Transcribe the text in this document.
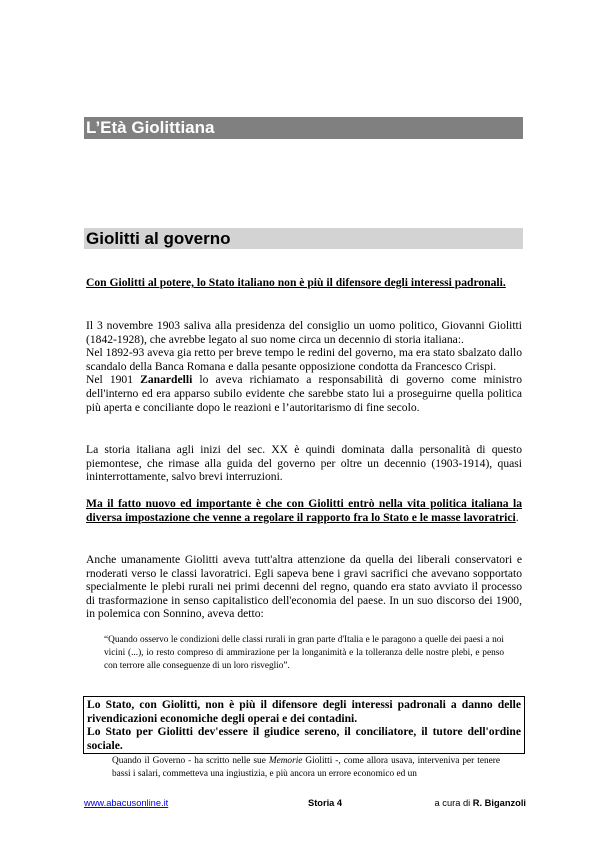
L’Età Giolittiana
Giolitti al governo

Con Giolitti al potere, lo Stato italiano non è più il difensore degli interessi padronali.

Il 3 novembre 1903 saliva alla presidenza del consiglio un uomo politico, Giovanni Giolitti (1842-1928), che avrebbe legato al suo nome circa un decennio di storia italiana:.
Nel 1892-93 aveva gia retto per breve tempo le redini del governo, ma era stato sbalzato dallo scandalo della Banca Romana e dalla pesante opposizione condotta da Francesco Crispi.
Nel 1901 Zanardelli lo aveva richiamato a responsabilità di governo come ministro dell'interno ed era apparso subilo evidente che sarebbe stato lui a proseguirne quella politica più aperta e conciliante dopo le reazioni e l’autoritarismo di fine secolo.

La storia italiana agli inizi del sec. XX è quindi dominata dalla personalità di questo piemontese, che rimase alla guida del governo per oltre un decennio (1903-1914), quasi ininterrottamente, salvo brevi interruzioni.

Ma il fatto nuovo ed importante è che con Giolitti entrò nella vita politica italiana la diversa impostazione che venne a regolare il rapporto fra lo Stato e le masse lavoratrici.

Anche umanamente Giolitti aveva tutt'altra attenzione da quella dei liberali conservatori e rnoderati verso le classi lavoratrici. Egli sapeva bene i gravi sacrifici che avevano sopportato specialmente le plebi rurali nei primi decenni del regno, quando era stato avviato il processo di trasformazione in senso capitalistico dell'economia del paese. In un suo discorso dei 1900, in polemica con Sonnino, aveva detto:

“Quando osservo le condizioni delle classi rurali in gran parte d'Italia e le paragono a quelle dei paesi a noi vicini (...), io resto compreso di ammirazione per la longanimità e la tolleranza delle nostre plebi, e penso con terrore alle conseguenze di un loro risveglio”.

Lo Stato, con Giolitti, non è più il difensore degli interessi padronali a danno delle rivendicazioni economiche degli operai e dei contadini.
Lo Stato per Giolitti dev'essere il giudice sereno, il conciliatore, il tutore dell'ordine sociale.

Quando il Governo - ha scritto nelle sue Memorie Giolitti -, come allora usava, interveniva per tenere bassi i salari, commetteva una ingiustizia, e più ancora un errore economico ed un

www.abacusonline.it	Storia 4	a cura di R. Biganzoli
